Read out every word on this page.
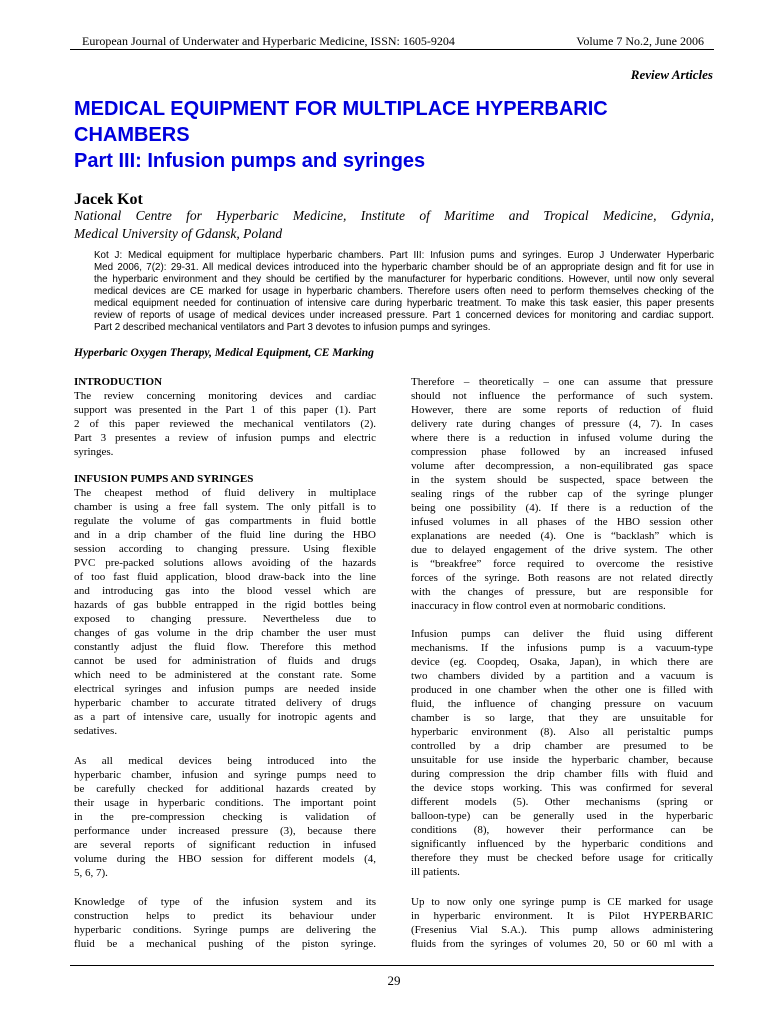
European Journal of Underwater and Hyperbaric Medicine, ISSN: 1605-9204	Volume 7 No.2, June 2006
Review Articles
MEDICAL EQUIPMENT FOR MULTIPLACE HYPERBARIC
CHAMBERS
Part III: Infusion pumps and syringes
Jacek Kot
National Centre for Hyperbaric Medicine, Institute of Maritime and Tropical Medicine, Gdynia,
Medical University of Gdansk, Poland
Kot J: Medical equipment for multiplace hyperbaric chambers. Part III: Infusion pums and syringes. Europ J Underwater Hyperbaric
Med 2006, 7(2): 29-31. All medical devices introduced into the hyperbaric chamber should be of an appropriate design and fit for use in
the hyperbaric environment and they should be certified by the manufacturer for hyperbaric conditions. However, until now only several
medical devices are CE marked for usage in hyperbaric chambers. Therefore users often need to perform themselves checking of the
medical equipment needed for continuation of intensive care during hyperbaric treatment. To make this task easier, this paper presents
review of reports of usage of medical devices under increased pressure. Part 1 concerned devices for monitoring and cardiac support.
Part 2 described mechanical ventilators and Part 3 devotes to infusion pumps and syringes.
Hyperbaric Oxygen Therapy, Medical Equipment, CE Marking
INTRODUCTION
The review concerning monitoring devices and cardiac
support was presented in the Part 1 of this paper (1). Part
2 of this paper reviewed the mechanical ventilators (2).
Part 3 presentes a review of infusion pumps and electric
syringes.
INFUSION PUMPS AND SYRINGES
The cheapest method of fluid delivery in multiplace
chamber is using a free fall system. The only pitfall is to
regulate the volume of gas compartments in fluid bottle
and in a drip chamber of the fluid line during the HBO
session according to changing pressure. Using flexible
PVC pre-packed solutions allows avoiding of the hazards
of too fast fluid application, blood draw-back into the line
and introducing gas into the blood vessel which are
hazards of gas bubble entrapped in the rigid bottles being
exposed to changing pressure. Nevertheless due to
changes of gas volume in the drip chamber the user must
constantly adjust the fluid flow. Therefore this method
cannot be used for administration of fluids and drugs
which need to be administered at the constant rate. Some
electrical syringes and infusion pumps are needed inside
hyperbaric chamber to accurate titrated delivery of drugs
as a part of intensive care, usually for inotropic agents and
sedatives.
As all medical devices being introduced into the
hyperbaric chamber, infusion and syringe pumps need to
be carefully checked for additional hazards created by
their usage in hyperbaric conditions. The important point
in the pre-compression checking is validation of
performance under increased pressure (3), because there
are several reports of significant reduction in infused
volume during the HBO session for different models (4,
5, 6, 7).
Knowledge of type of the infusion system and its
construction helps to predict its behaviour under
hyperbaric conditions. Syringe pumps are delivering the
fluid be a mechanical pushing of the piston syringe.
Therefore – theoretically – one can assume that pressure
should not influence the performance of such system.
However, there are some reports of reduction of fluid
delivery rate during changes of pressure (4, 7). In cases
where there is a reduction in infused volume during the
compression phase followed by an increased infused
volume after decompression, a non-equilibrated gas space
in the system should be suspected, space between the
sealing rings of the rubber cap of the syringe plunger
being one possibility (4). If there is a reduction of the
infused volumes in all phases of the HBO session other
explanations are needed (4). One is “backlash” which is
due to delayed engagement of the drive system. The other
is “breakfree” force required to overcome the resistive
forces of the syringe. Both reasons are not related directly
with the changes of pressure, but are responsible for
inaccuracy in flow control even at normobaric conditions.
Infusion pumps can deliver the fluid using different
mechanisms. If the infusions pump is a vacuum-type
device (eg. Coopdeq, Osaka, Japan), in which there are
two chambers divided by a partition and a vacuum is
produced in one chamber when the other one is filled with
fluid, the influence of changing pressure on vacuum
chamber is so large, that they are unsuitable for
hyperbaric environment (8). Also all peristaltic pumps
controlled by a drip chamber are presumed to be
unsuitable for use inside the hyperbaric chamber, because
during compression the drip chamber fills with fluid and
the device stops working. This was confirmed for several
different models (5). Other mechanisms (spring or
balloon-type) can be generally used in the hyperbaric
conditions (8), however their performance can be
significantly influenced by the hyperbaric conditions and
therefore they must be checked before usage for critically
ill patients.
Up to now only one syringe pump is CE marked for usage
in hyperbaric environment. It is Pilot HYPERBARIC
(Fresenius Vial S.A.). This pump allows administering
fluids from the syringes of volumes 20, 50 or 60 ml with a
29
